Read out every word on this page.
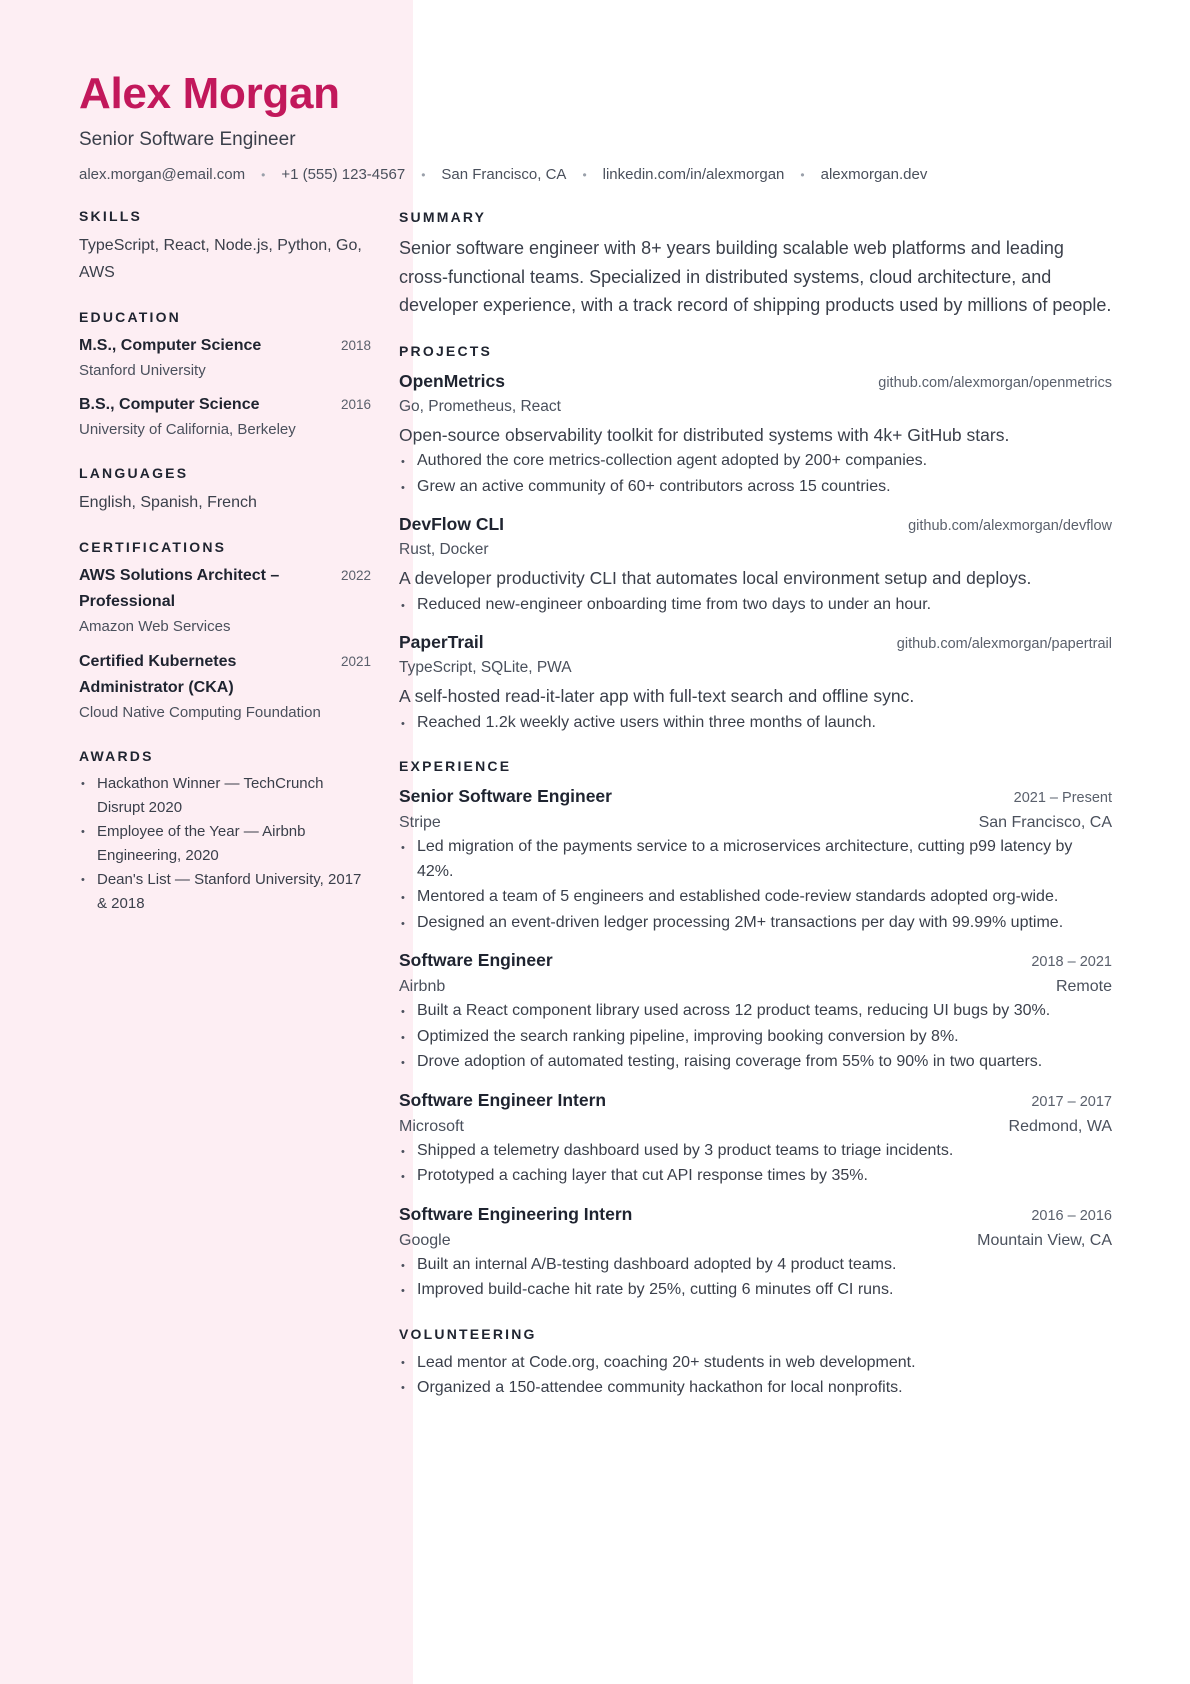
Alex Morgan
Senior Software Engineer
alex.morgan@email.com • +1 (555) 123-4567 • San Francisco, CA • linkedin.com/in/alexmorgan • alexmorgan.dev
SKILLS
TypeScript, React, Node.js, Python, Go, AWS
EDUCATION
M.S., Computer Science	2018
Stanford University
B.S., Computer Science	2016
University of California, Berkeley
LANGUAGES
English, Spanish, French
CERTIFICATIONS
AWS Solutions Architect – Professional
2022
Amazon Web Services
Certified Kubernetes Administrator (CKA)
2021
Cloud Native Computing Foundation
AWARDS
• Hackathon Winner — TechCrunch Disrupt 2020
• Employee of the Year — Airbnb Engineering, 2020
• Dean's List — Stanford University, 2017 & 2018
SUMMARY
Senior software engineer with 8+ years building scalable web platforms and leading cross-functional teams. Specialized in distributed systems, cloud architecture, and developer experience, with a track record of shipping products used by millions of people.
PROJECTS
OpenMetrics	github.com/alexmorgan/openmetrics
Go, Prometheus, React
Open-source observability toolkit for distributed systems with 4k+ GitHub stars.
• Authored the core metrics-collection agent adopted by 200+ companies.
• Grew an active community of 60+ contributors across 15 countries.
DevFlow CLI	github.com/alexmorgan/devflow
Rust, Docker
A developer productivity CLI that automates local environment setup and deploys.
• Reduced new-engineer onboarding time from two days to under an hour.
PaperTrail	github.com/alexmorgan/papertrail
TypeScript, SQLite, PWA
A self-hosted read-it-later app with full-text search and offline sync.
• Reached 1.2k weekly active users within three months of launch.
EXPERIENCE
Senior Software Engineer	2021 – Present
Stripe	San Francisco, CA
• Led migration of the payments service to a microservices architecture, cutting p99 latency by 42%.
• Mentored a team of 5 engineers and established code-review standards adopted org-wide.
• Designed an event-driven ledger processing 2M+ transactions per day with 99.99% uptime.
Software Engineer	2018 – 2021
Airbnb	Remote
• Built a React component library used across 12 product teams, reducing UI bugs by 30%.
• Optimized the search ranking pipeline, improving booking conversion by 8%.
• Drove adoption of automated testing, raising coverage from 55% to 90% in two quarters.
Software Engineer Intern	2017 – 2017
Microsoft	Redmond, WA
• Shipped a telemetry dashboard used by 3 product teams to triage incidents.
• Prototyped a caching layer that cut API response times by 35%.
Software Engineering Intern	2016 – 2016
Google	Mountain View, CA
• Built an internal A/B-testing dashboard adopted by 4 product teams.
• Improved build-cache hit rate by 25%, cutting 6 minutes off CI runs.
VOLUNTEERING
• Lead mentor at Code.org, coaching 20+ students in web development.
• Organized a 150-attendee community hackathon for local nonprofits.
